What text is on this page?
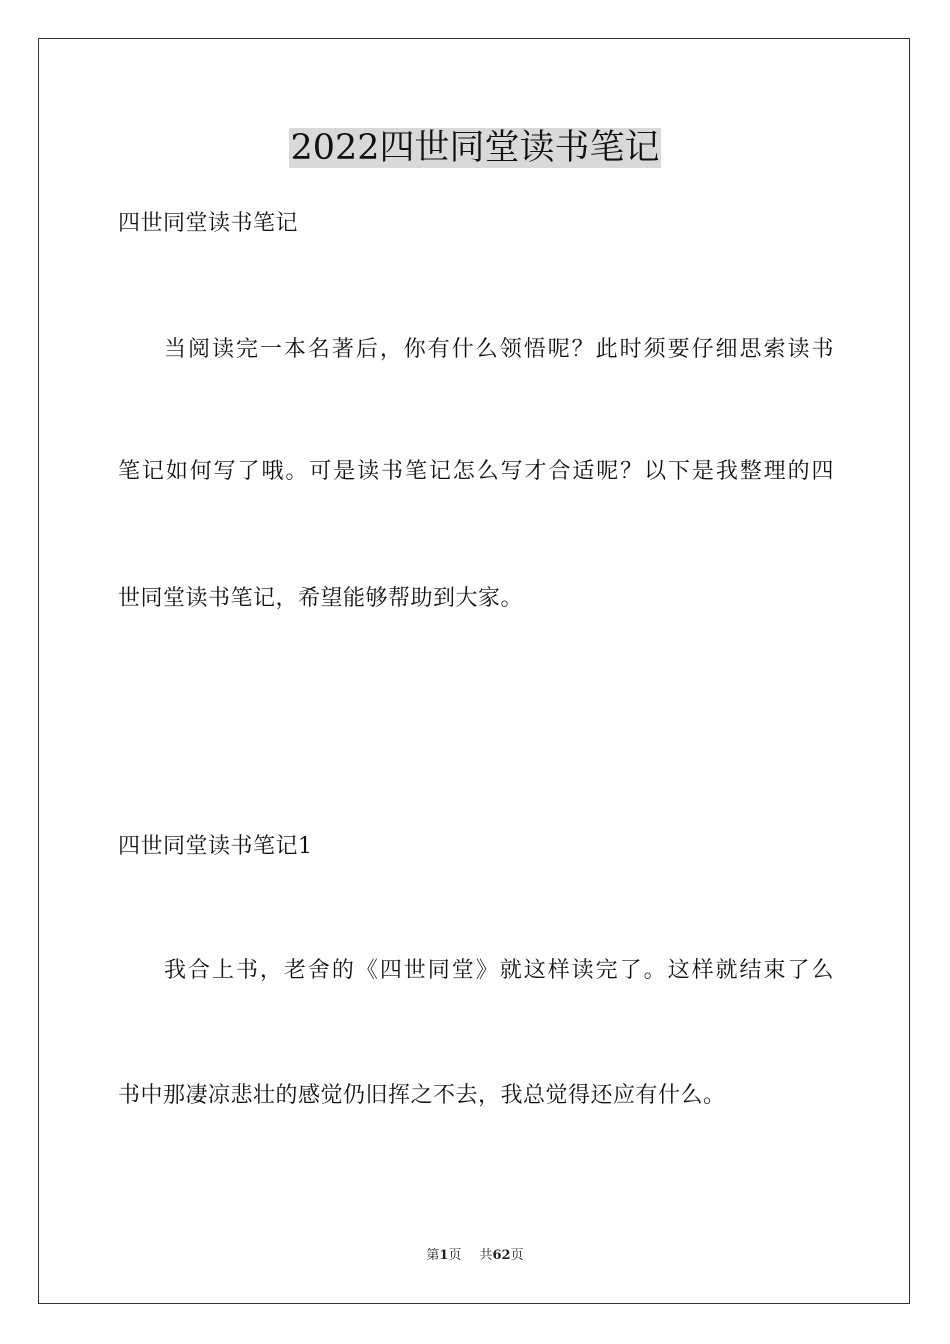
2022四世同堂读书笔记

四世同堂读书笔记

当阅读完一本名著后，你有什么领悟呢？此时须要仔细思索读书

笔记如何写了哦。可是读书笔记怎么写才合适呢？以下是我整理的四

世同堂读书笔记，希望能够帮助到大家。

四世同堂读书笔记1

我合上书，老舍的《四世同堂》就这样读完了。这样就结束了么

书中那凄凉悲壮的感觉仍旧挥之不去，我总觉得还应有什么。

第1页 共62页
